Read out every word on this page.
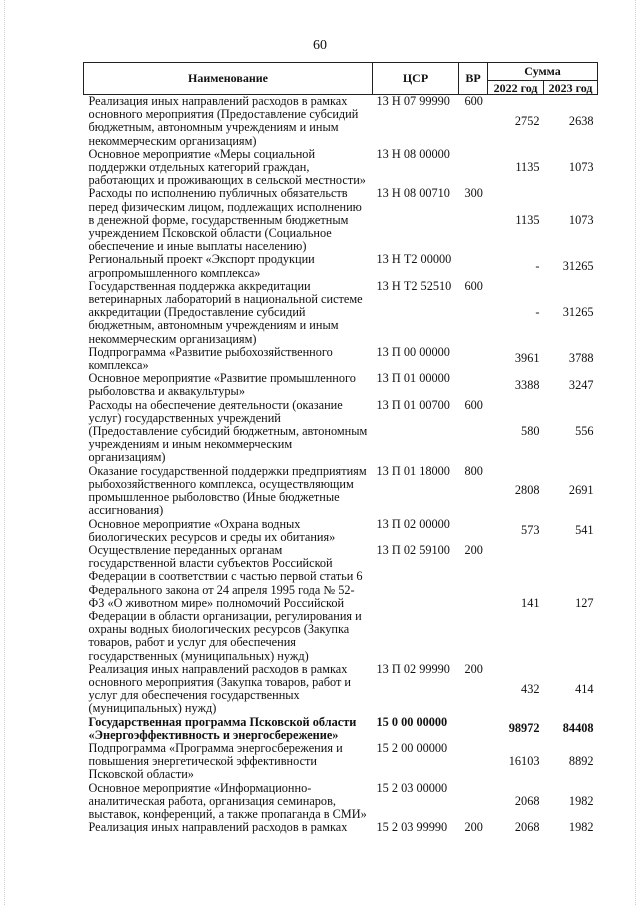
60
Наименование	ЦСР	ВР	Сумма	
			2022 год	2023 год
Реализация иных направлений расходов в рамках основного мероприятия (Предоставление субсидий бюджетным, автономным учреждениям и иным некоммерческим организациям)	13 Н 07 99990	600	2752	2638
Основное мероприятие «Меры социальной поддержки отдельных категорий граждан, работающих и проживающих в сельской местности»	13 Н 08 00000		1135	1073
Расходы по исполнению публичных обязательств перед физическим лицом, подлежащих исполнению в денежной форме, государственным бюджетным учреждением Псковской области (Социальное обеспечение и иные выплаты населению)	13 Н 08 00710	300	1135	1073
Региональный проект «Экспорт продукции агропромышленного комплекса»	13 Н Т2 00000		-	31265
Государственная поддержка аккредитации ветеринарных лабораторий в национальной системе аккредитации (Предоставление субсидий бюджетным, автономным учреждениям и иным некоммерческим организациям)	13 Н Т2 52510	600	-	31265
Подпрограмма «Развитие рыбохозяйственного комплекса»	13 П 00 00000		3961	3788
Основное мероприятие «Развитие промышленного рыболовства и аквакультуры»	13 П 01 00000		3388	3247
Расходы на обеспечение деятельности (оказание услуг) государственных учреждений (Предоставление субсидий бюджетным, автономным учреждениям и иным некоммерческим организациям)	13 П 01 00700	600	580	556
Оказание государственной поддержки предприятиям рыбохозяйственного комплекса, осуществляющим промышленное рыболовство (Иные бюджетные ассигнования)	13 П 01 18000	800	2808	2691
Основное мероприятие «Охрана водных биологических ресурсов и среды их обитания»	13 П 02 00000		573	541
Осуществление переданных органам государственной власти субъектов Российской Федерации в соответствии с частью первой статьи 6 Федерального закона от 24 апреля 1995 года № 52-ФЗ «О животном мире» полномочий Российской Федерации в области организации, регулирования и охраны водных биологических ресурсов (Закупка товаров, работ и услуг для обеспечения государственных (муниципальных) нужд)	13 П 02 59100	200	141	127
Реализация иных направлений расходов в рамках основного мероприятия (Закупка товаров, работ и услуг для обеспечения государственных (муниципальных) нужд)	13 П 02 99990	200	432	414
Государственная программа Псковской области «Энергоэффективность и энергосбережение»	15 0 00 00000		98972	84408
Подпрограмма «Программа энергосбережения и повышения энергетической эффективности Псковской области»	15 2 00 00000		16103	8892
Основное мероприятие «Информационно-аналитическая работа, организация семинаров, выставок, конференций, а также пропаганда в СМИ»	15 2 03 00000		2068	1982
Реализация иных направлений расходов в рамках	15 2 03 99990	200	2068	1982
